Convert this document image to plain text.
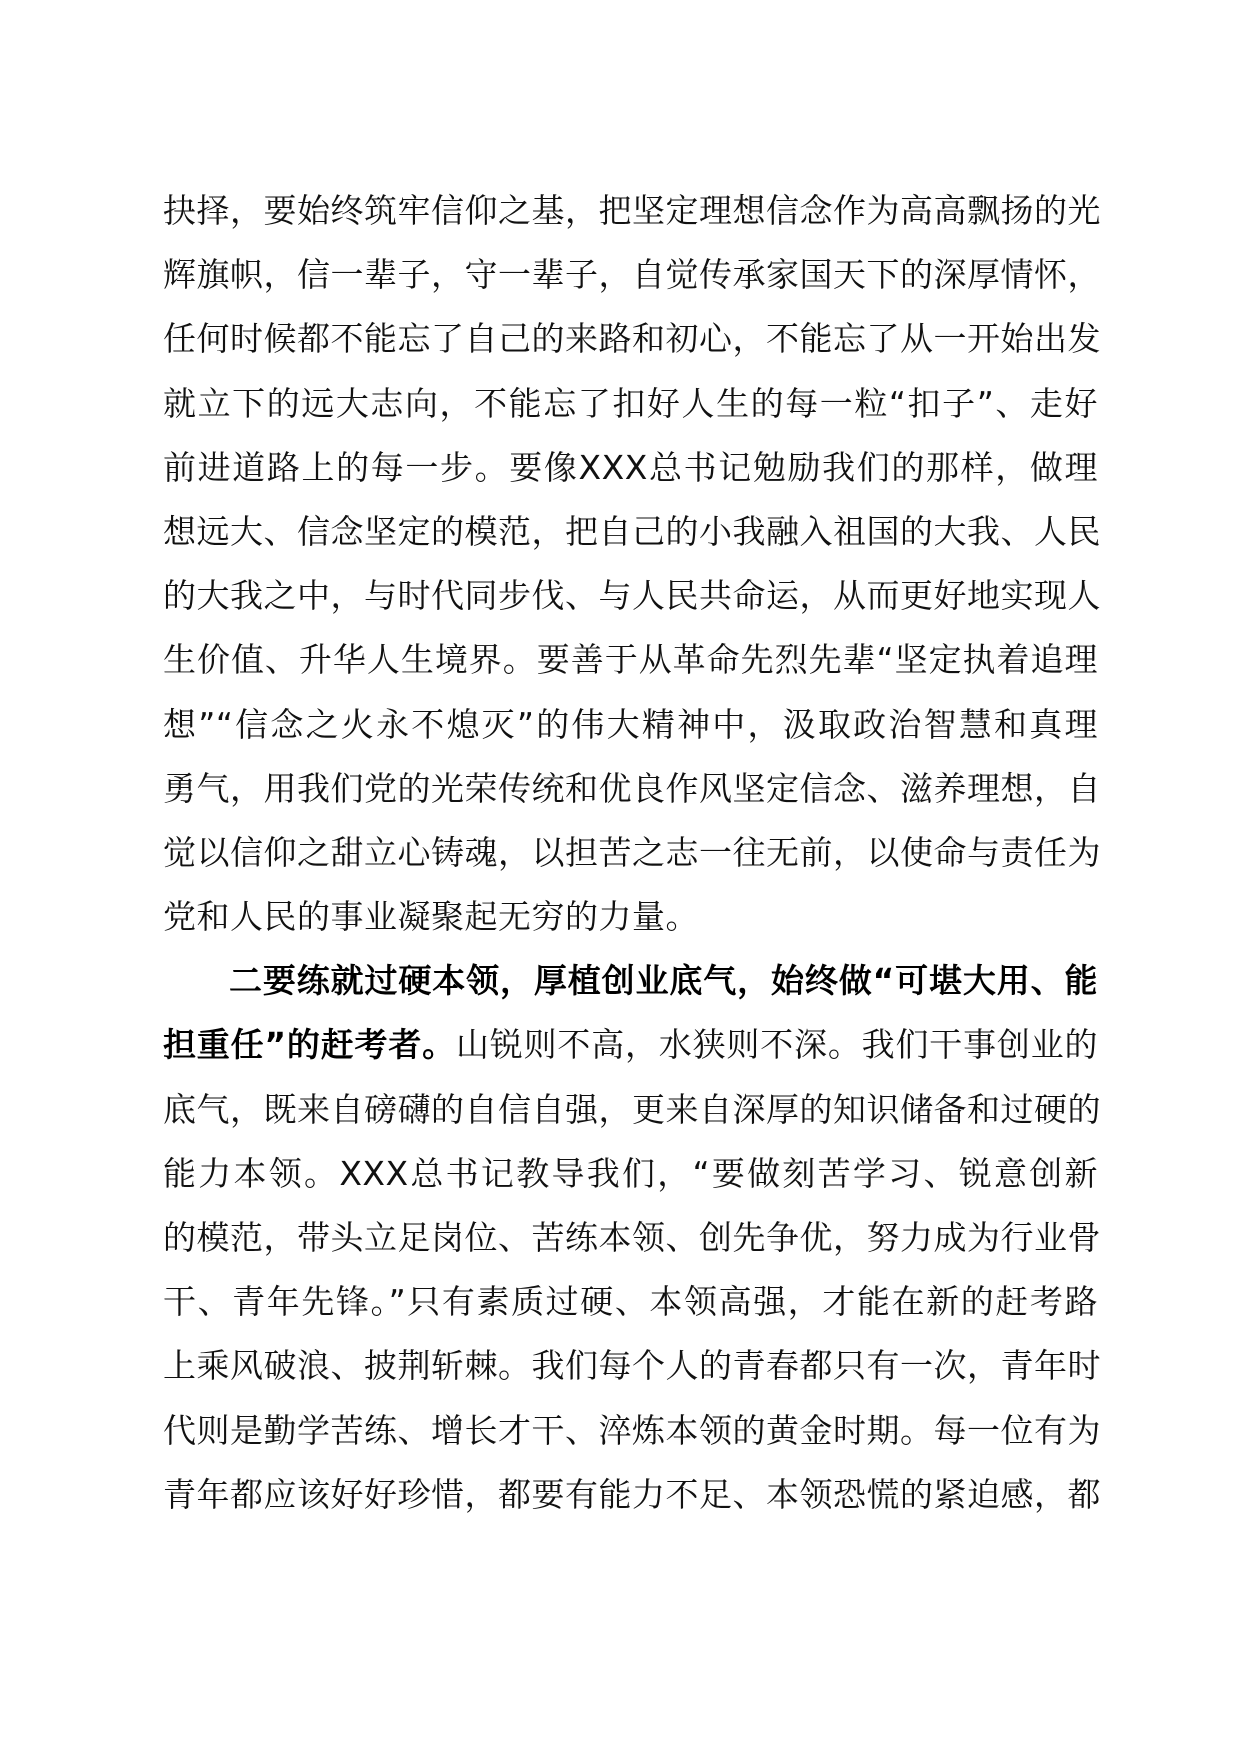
抉择，要始终筑牢信仰之基，把坚定理想信念作为高高飘扬的光
辉旗帜，信一辈子，守一辈子，自觉传承家国天下的深厚情怀，
任何时候都不能忘了自己的来路和初心，不能忘了从一开始出发
就立下的远大志向，不能忘了扣好人生的每一粒“扣子”、走好
前进道路上的每一步。要像XXX总书记勉励我们的那样，做理
想远大、信念坚定的模范，把自己的小我融入祖国的大我、人民
的大我之中，与时代同步伐、与人民共命运，从而更好地实现人
生价值、升华人生境界。要善于从革命先烈先辈“坚定执着追理
想”“信念之火永不熄灭”的伟大精神中，汲取政治智慧和真理
勇气，用我们党的光荣传统和优良作风坚定信念、滋养理想，自
觉以信仰之甜立心铸魂，以担苦之志一往无前，以使命与责任为
党和人民的事业凝聚起无穷的力量。
二要练就过硬本领，厚植创业底气，始终做“可堪大用、能
担重任”的赶考者。山锐则不高，水狭则不深。我们干事创业的
底气，既来自磅礴的自信自强，更来自深厚的知识储备和过硬的
能力本领。XXX总书记教导我们，“要做刻苦学习、锐意创新
的模范，带头立足岗位、苦练本领、创先争优，努力成为行业骨
干、青年先锋。”只有素质过硬、本领高强，才能在新的赶考路
上乘风破浪、披荆斩棘。我们每个人的青春都只有一次，青年时
代则是勤学苦练、增长才干、淬炼本领的黄金时期。每一位有为
青年都应该好好珍惜，都要有能力不足、本领恐慌的紧迫感，都
